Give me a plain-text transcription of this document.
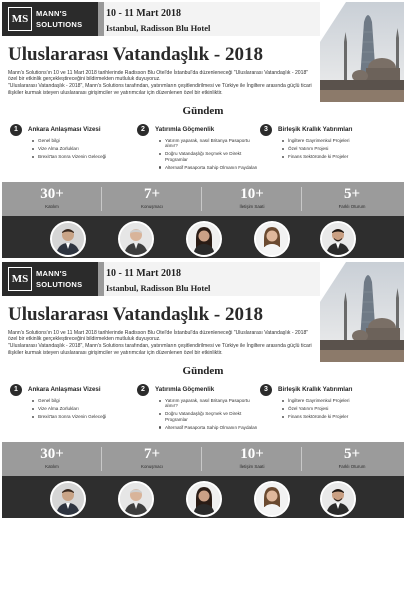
MS	MANN'S
SOLUTIONS
10 - 11 Mart 2018
Istanbul, Radisson Blu Hotel
Uluslararası Vatandaşlık - 2018

Mann's Solutions'ın 10 ve 11 Mart 2018 tarihlerinde Radisson Blu Otel'de İstanbul'da düzenleneceği "Uluslararası Vatandaşlık - 2018" özel bir etkinlik gerçekleştireceğini bildirmekten mutluluk duyuyoruz.

"Uluslararası Vatandaşlık - 2018", Mann's Solutions tarafından, yatırımların çeşitlendirilmesi ve Türkiye ile İngiltere arasında güçlü ticari ilişkiler kurmak isteyen uluslararası girişimciler ve yatırımcılar için düzenlenen özel bir etkinliktir.

Gündem
1	Ankara Anlaşması Vizesi
Genel bilgi
Vize Alma Zorlukları
Brexit'tan Sonra Vizenin Geleceği
2	Yatırımla Göçmenlik
Yatırım yaparak, nasıl Britanya Pasaportu alınır?
Doğru Vatandaşlığı Seçmek ve Direkt Programlar
Alternatif Pasaporta Sahip Olmanın Faydaları
3	Birleşik Krallık Yatırımları
İngiltere Gayrimenkul Projeleri
Özel Yatırım Projesi
Finans Sektöründe ki Projeler
30+
Katılım
7+
Konuşmacı
10+
İletişim Saati
5+
Farklı Oturum
MS	MANN'S
SOLUTIONS
10 - 11 Mart 2018
Istanbul, Radisson Blu Hotel
Uluslararası Vatandaşlık - 2018

Mann's Solutions'ın 10 ve 11 Mart 2018 tarihlerinde Radisson Blu Otel'de İstanbul'da düzenleneceği "Uluslararası Vatandaşlık - 2018" özel bir etkinlik gerçekleştireceğini bildirmekten mutluluk duyuyoruz.

"Uluslararası Vatandaşlık - 2018", Mann's Solutions tarafından, yatırımların çeşitlendirilmesi ve Türkiye ile İngiltere arasında güçlü ticari ilişkiler kurmak isteyen uluslararası girişimciler ve yatırımcılar için düzenlenen özel bir etkinliktir.

Gündem
1	Ankara Anlaşması Vizesi
Genel bilgi
Vize Alma Zorlukları
Brexit'tan Sonra Vizenin Geleceği
2	Yatırımla Göçmenlik
Yatırım yaparak, nasıl Britanya Pasaportu alınır?
Doğru Vatandaşlığı Seçmek ve Direkt Programlar
Alternatif Pasaporta Sahip Olmanın Faydaları
3	Birleşik Krallık Yatırımları
İngiltere Gayrimenkul Projeleri
Özel Yatırım Projesi
Finans Sektöründe ki Projeler
30+
Katılım
7+
Konuşmacı
10+
İletişim Saati
5+
Farklı Oturum
